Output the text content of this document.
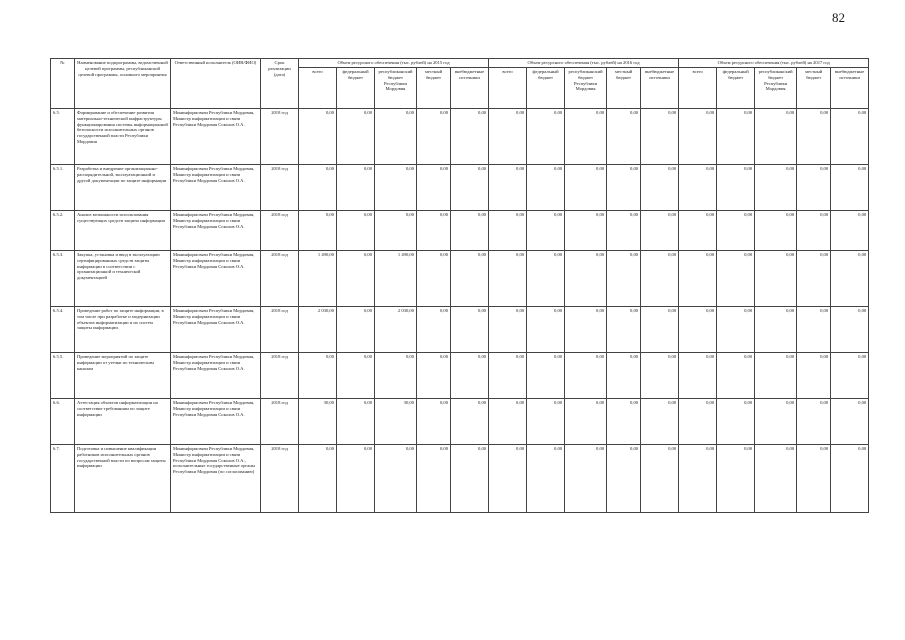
82
№	Наименование подпрограммы, ведомственной целевой программы, республиканской целевой программы, основного мероприятия	Ответственный исполнитель (ОИВ/ФИО)	Срок реализации (дата)	Объем ресурсного обеспечения (тыс. рублей) на 2015 год					Объем ресурсного обеспечения (тыс. рублей) на 2016 год					Объем ресурсного обеспечения (тыс. рублей) на 2017 год				
				всего	федеральный бюджет	республиканский бюджет Республики Мордовия	местный бюджет	внебюджетные источники	всего	федеральный бюджет	республиканский бюджет Республики Мордовия	местный бюджет	внебюджетные источники	всего	федеральный бюджет	республиканский бюджет Республики Мордовия	местный бюджет	внебюджетные источники
6.5.	Формирование и обеспечение развития материально-технической инфраструктуры функционирования системы информационной безопасности исполнительных органов государственной власти Республики Мордовия	Мининформсвязи Республики Мордовия, Министр информатизации и связи Республики Мордовия Соколов О.А.	2018 год	0,00	0,00	0,00	0,00	0,00	0,00	0,00	0,00	0,00	0,00	0,00	0,00	0,00	0,00	0,00
6.5.1.	Разработка и внедрение организационно-распорядительной, эксплуатационной и другой документации по защите информации	Мининформсвязи Республики Мордовия, Министр информатизации и связи Республики Мордовия Соколов О.А.	2018 год	0,00	0,00	0,00	0,00	0,00	0,00	0,00	0,00	0,00	0,00	0,00	0,00	0,00	0,00	0,00
6.5.2.	Анализ возможности использования существующих средств защиты информации	Мининформсвязи Республики Мордовия, Министр информатизации и связи Республики Мордовия Соколов О.А.	2018 год	0,00	0,00	0,00	0,00	0,00	0,00	0,00	0,00	0,00	0,00	0,00	0,00	0,00	0,00	0,00
6.5.3.	Закупка, установка и ввод в эксплуатацию сертифицированных средств защиты информации в соответствии с организационной и технической документацией	Мининформсвязи Республики Мордовия, Министр информатизации и связи Республики Мордовия Соколов О.А.	2018 год	1 490,00	0,00	1 490,00	0,00	0,00	0,00	0,00	0,00	0,00	0,00	0,00	0,00	0,00	0,00	0,00
6.5.4.	Проведение работ по защите информации, в том числе при разработке и модернизации объектов информатизации и их систем защиты информации	Мининформсвязи Республики Мордовия, Министр информатизации и связи Республики Мордовия Соколов О.А.	2018 год	2 030,00	0,00	2 030,00	0,00	0,00	0,00	0,00	0,00	0,00	0,00	0,00	0,00	0,00	0,00	0,00
6.5.5.	Проведение мероприятий по защите информации от утечки по техническим каналам	Мининформсвязи Республики Мордовия, Министр информатизации и связи Республики Мордовия Соколов О.А.	2018 год	0,00	0,00	0,00	0,00	0,00	0,00	0,00	0,00	0,00	0,00	0,00	0,00	0,00	0,00	0,00
6.6.	Аттестация объектов информатизации на соответствие требованиям по защите информации	Мининформсвязи Республики Мордовия, Министр информатизации и связи Республики Мордовия Соколов О.А.	2018 год	30,00	0,00	30,00	0,00	0,00	0,00	0,00	0,00	0,00	0,00	0,00	0,00	0,00	0,00	0,00
6.7.	Подготовка и повышение квалификации работников исполнительных органов государственной власти по вопросам защиты информации	Мининформсвязи Республики Мордовия, Министр информатизации и связи Республики Мордовия Соколов О.А., исполнительные государственные органы Республики Мордовия (по согласованию)	2018 год	0,00	0,00	0,00	0,00	0,00	0,00	0,00	0,00	0,00	0,00	0,00	0,00	0,00	0,00	0,00
